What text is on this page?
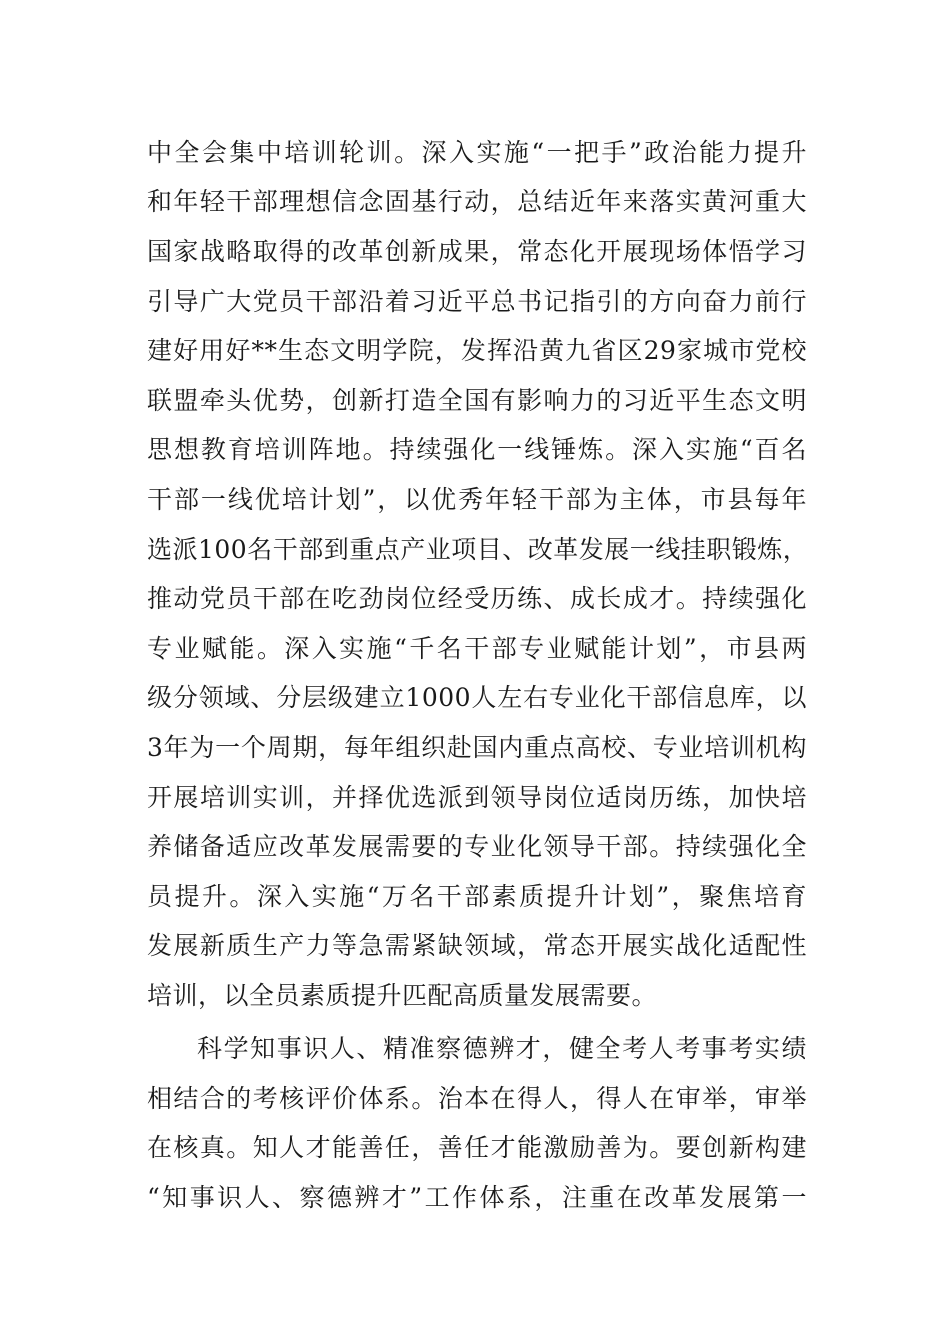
中全会集中培训轮训。深入实施“一把手”政治能力提升
和年轻干部理想信念固基行动，总结近年来落实黄河重大
国家战略取得的改革创新成果，常态化开展现场体悟学习
引导广大党员干部沿着习近平总书记指引的方向奋力前行
建好用好**生态文明学院，发挥沿黄九省区29家城市党校
联盟牵头优势，创新打造全国有影响力的习近平生态文明
思想教育培训阵地。持续强化一线锤炼。深入实施“百名
干部一线优培计划”，以优秀年轻干部为主体，市县每年
选派100名干部到重点产业项目、改革发展一线挂职锻炼，
推动党员干部在吃劲岗位经受历练、成长成才。持续强化
专业赋能。深入实施“千名干部专业赋能计划”，市县两
级分领域、分层级建立1000人左右专业化干部信息库，以
3年为一个周期，每年组织赴国内重点高校、专业培训机构
开展培训实训，并择优选派到领导岗位适岗历练，加快培
养储备适应改革发展需要的专业化领导干部。持续强化全
员提升。深入实施“万名干部素质提升计划”，聚焦培育
发展新质生产力等急需紧缺领域，常态开展实战化适配性
培训，以全员素质提升匹配高质量发展需要。
科学知事识人、精准察德辨才，健全考人考事考实绩
相结合的考核评价体系。治本在得人，得人在审举，审举
在核真。知人才能善任，善任才能激励善为。要创新构建
“知事识人、察德辨才”工作体系，注重在改革发展第一
